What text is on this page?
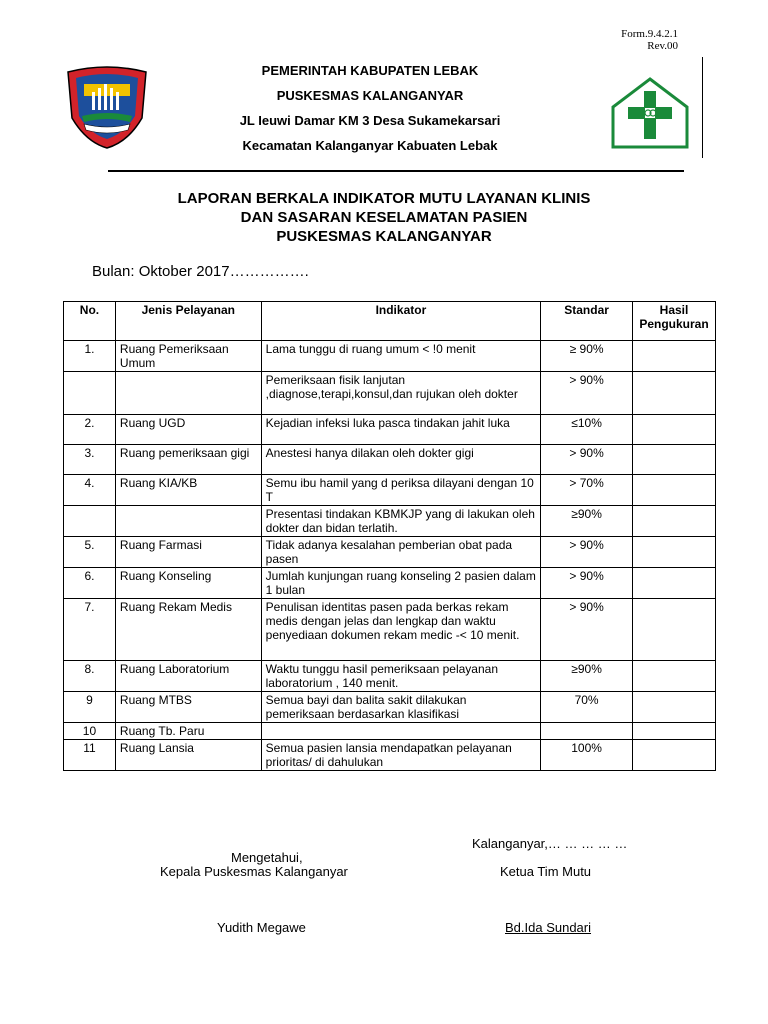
Form.9.4.2.1
Rev.00
PEMERINTAH KABUPATEN LEBAK
PUSKESMAS KALANGANYAR
JL Ieuwi Damar KM 3 Desa Sukamekarsari
Kecamatan Kalanganyar Kabuaten Lebak
LAPORAN BERKALA INDIKATOR MUTU LAYANAN KLINIS
DAN SASARAN KESELAMATAN PASIEN
PUSKESMAS KALANGANYAR
Bulan: Oktober 2017…………….
No.	Jenis Pelayanan	Indikator	Standar	Hasil Pengukuran
1.	Ruang Pemeriksaan Umum	Lama tunggu di ruang umum < !0 menit	≥ 90%	
		Pemeriksaan fisik lanjutan ,diagnose,terapi,konsul,dan rujukan oleh dokter	> 90%	
2.	Ruang UGD	Kejadian infeksi luka pasca tindakan jahit luka	≤10%	
3.	Ruang pemeriksaan gigi	Anestesi hanya dilakan oleh dokter gigi	> 90%	
4.	Ruang KIA/KB	Semu ibu hamil yang d periksa dilayani dengan 10 T	> 70%	
		Presentasi tindakan KBMKJP yang di lakukan oleh dokter dan bidan terlatih.	≥90%	
5.	Ruang Farmasi	Tidak adanya kesalahan pemberian obat pada pasen	> 90%	
6.	Ruang Konseling	Jumlah kunjungan ruang konseling 2 pasien dalam 1 bulan	> 90%	
7.	Ruang Rekam Medis	Penulisan identitas pasen pada berkas rekam medis dengan jelas dan lengkap dan waktu penyediaan dokumen rekam medic -< 10 menit.	> 90%	
8.	Ruang Laboratorium	Waktu tunggu hasil pemeriksaan pelayanan laboratorium , 140 menit.	≥90%	
9	Ruang MTBS	Semua bayi dan balita sakit dilakukan pemeriksaan berdasarkan klasifikasi	70%	
10	Ruang Tb. Paru			
11	Ruang Lansia	Semua pasien lansia mendapatkan pelayanan prioritas/ di dahulukan	100%	
Kalanganyar,… … … … …
Mengetahui,
Kepala Puskesmas Kalanganyar	Ketua Tim Mutu
Yudith Megawe	Bd.Ida Sundari
